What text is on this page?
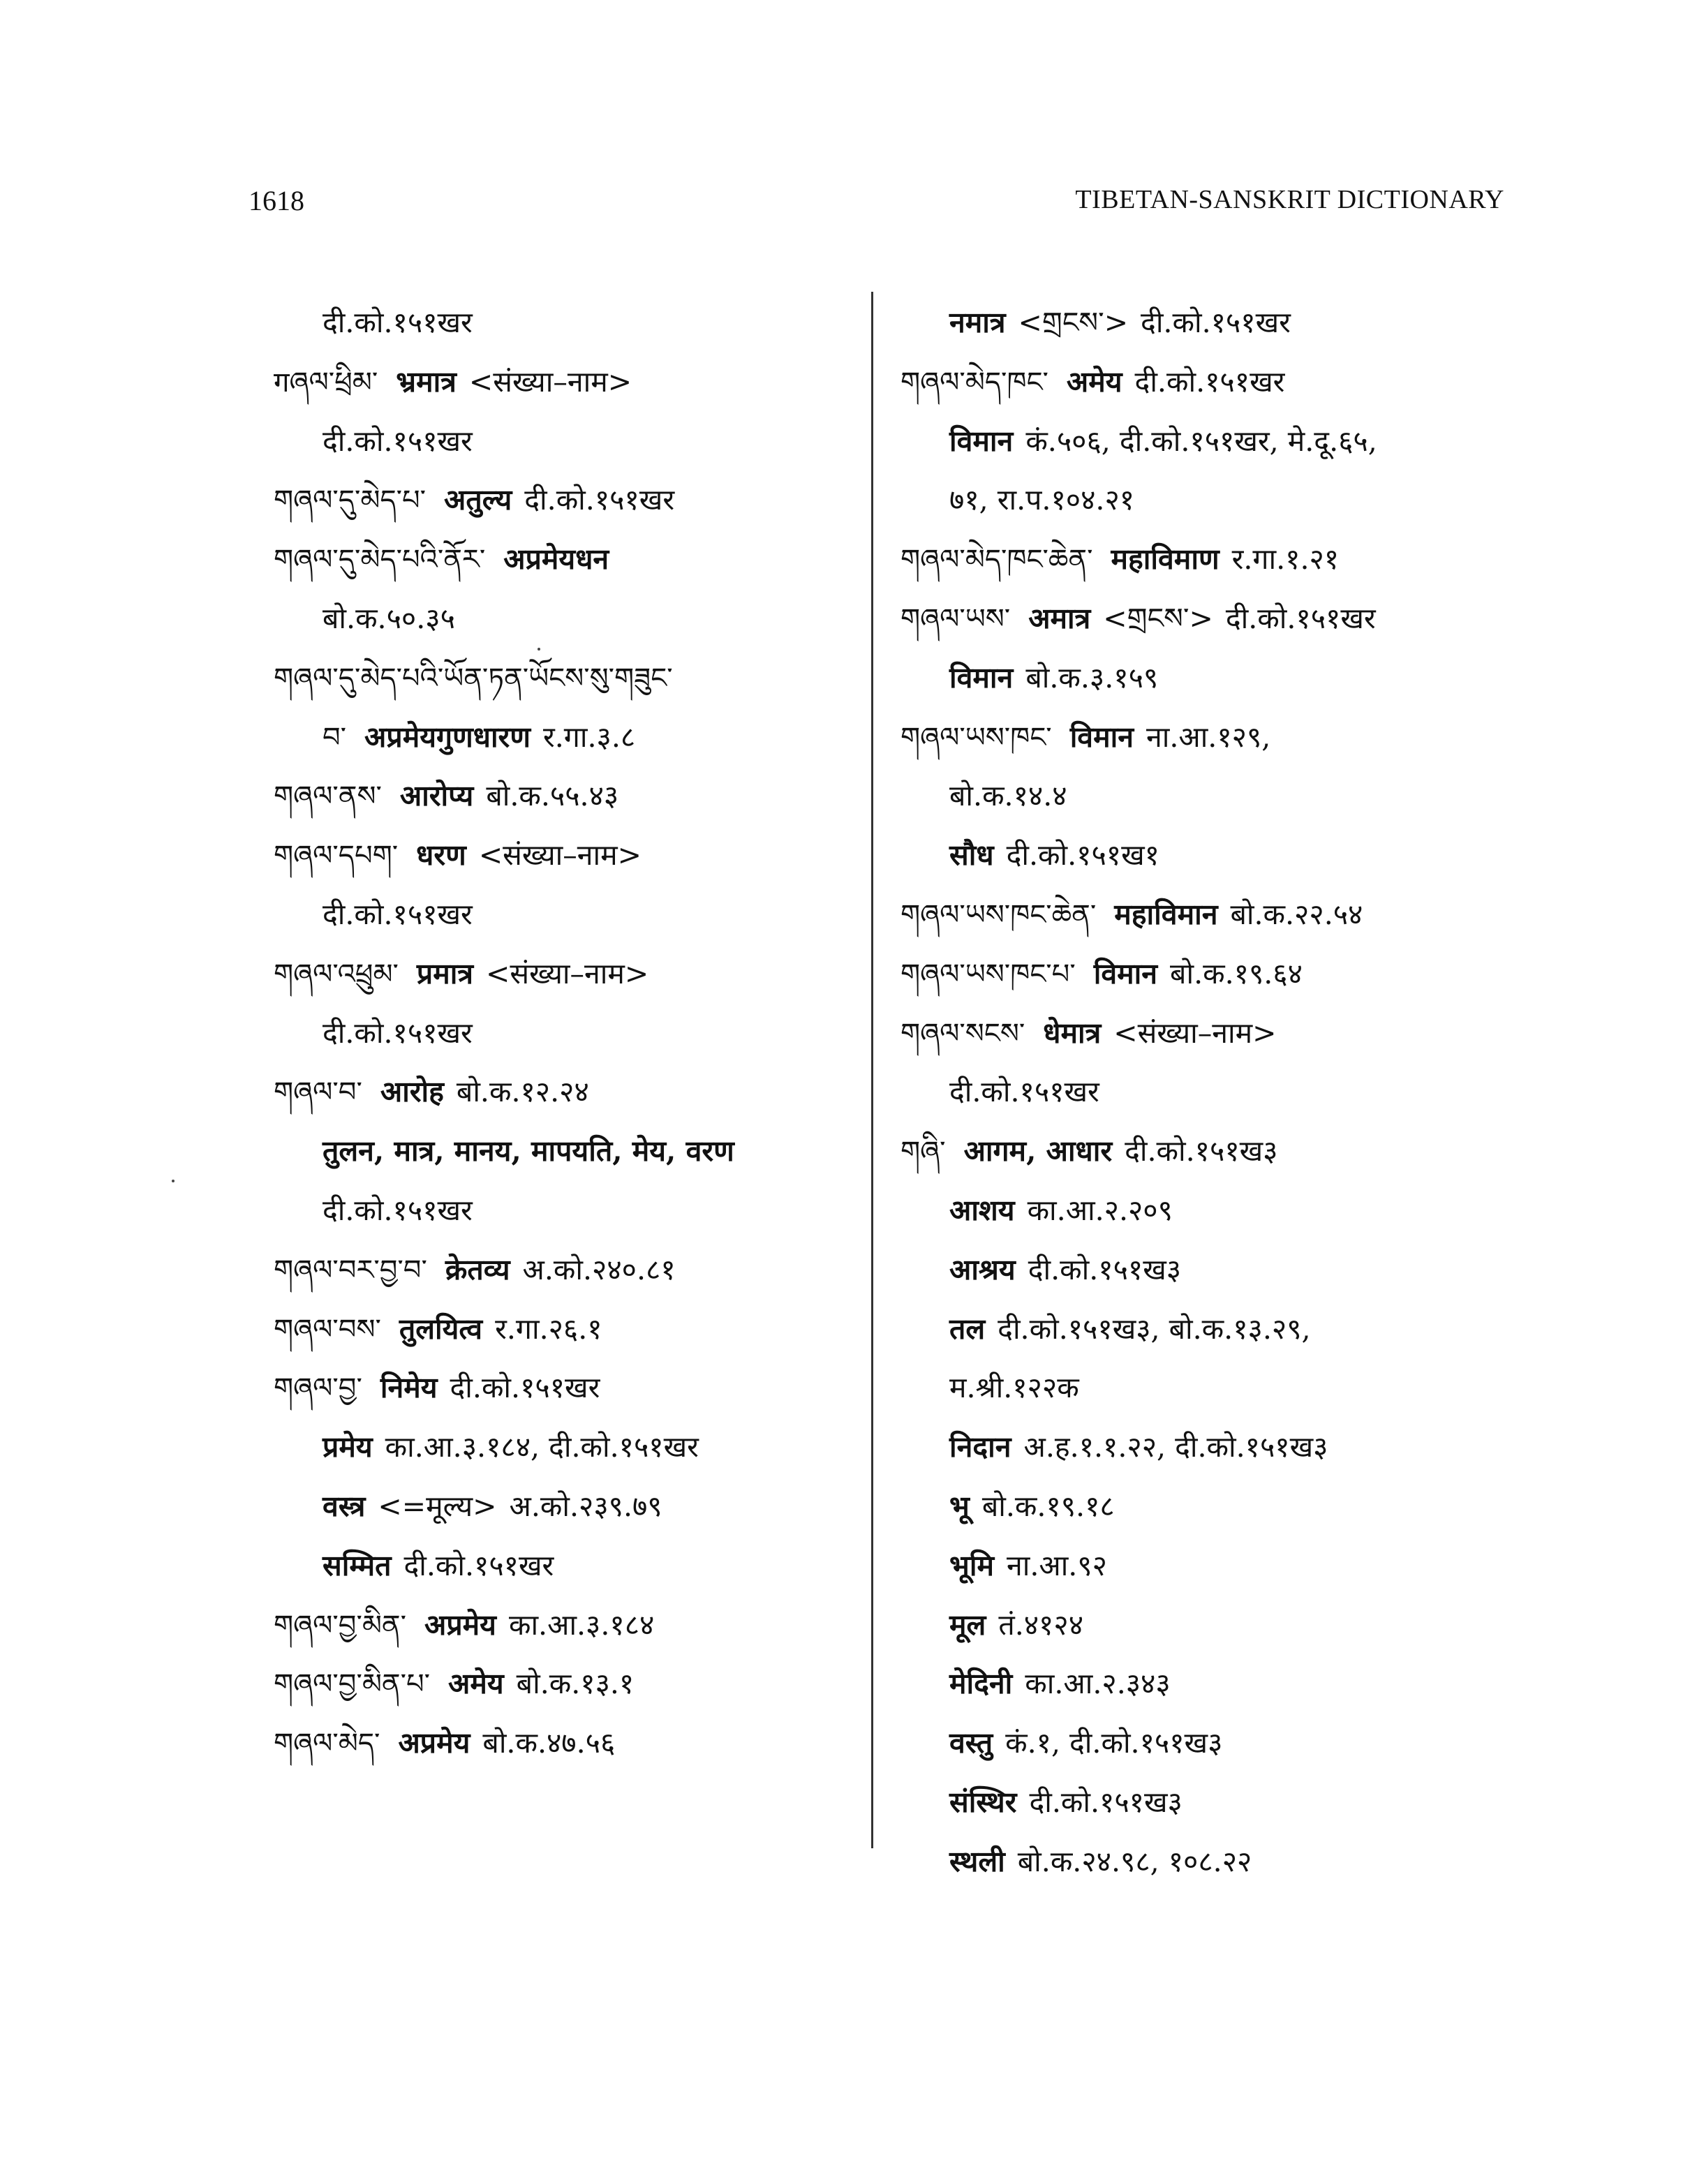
1618	TIBETAN-SANSKRIT DICTIONARY
दी.को.१५१खर
गཞལ་ཕྲིམ་ भ्रमात्र <संख्या–नाम>
दी.को.१५१खर
གཞལ་དུ་མེད་པ་ अतुल्य दी.को.१५१खर
གཞལ་དུ་མེད་པའི་ནོར་ अप्रमेयधन
बो.क.५०.३५
གཞལ་དུ་མེད་པའི་ཡོན་ཏན་ཡོངས་སུ་གཟུང་
བ་ अप्रमेयगुणधारण र.गा.३.८
གཞལ་ནས་ आरोप्य बो.क.५५.४३
གཞལ་དཔག་ धरण <संख्या–नाम>
दी.को.१५१खर
གཞལ་འཕྲུམ་ प्रमात्र <संख्या–नाम>
दी.को.१५१खर
གཞལ་བ་ आरोह बो.क.१२.२४
तुलन, मात्र, मानय, मापयति, मेय, वरण
दी.को.१५१खर
གཞལ་བར་བྱ་བ་ क्रेतव्य अ.को.२४०.८१
གཞལ་བས་ तुलयित्व र.गा.२६.१
གཞལ་བྱ་ निमेय दी.को.१५१खर
प्रमेय का.आ.३.१८४, दी.को.१५१खर
वस्त्र <=मूल्य> अ.को.२३९.७९
सम्मित दी.को.१५१खर
གཞལ་བྱ་མིན་ अप्रमेय का.आ.३.१८४
གཞལ་བྱ་མིན་པ་ अमेय बो.क.१३.१
གཞལ་མེད་ अप्रमेय बो.क.४७.५६
नमात्र <གྲངས་> दी.को.१५१खर
གཞལ་མེད་ཁང་ अमेय दी.को.१५१खर
विमान कं.५०६, दी.को.१५१खर, मे.दू.६५,
७१, रा.प.१०४.२१
གཞལ་མེད་ཁང་ཆེན་ महाविमाण र.गा.१.२१
གཞལ་ཡས་ अमात्र <གྲངས་> दी.को.१५१खर
विमान बो.क.३.१५९
གཞལ་ཡས་ཁང་ विमान ना.आ.१२९,
बो.क.१४.४
सौध दी.को.१५१ख१
གཞལ་ཡས་ཁང་ཆེན་ महाविमान बो.क.२२.५४
གཞལ་ཡས་ཁང་པ་ विमान बो.क.१९.६४
གཞལ་སངས་ धेमात्र <संख्या–नाम>
दी.को.१५१खर
གཞི་ आगम, आधार दी.को.१५१ख३
आशय का.आ.२.२०९
आश्रय दी.को.१५१ख३
तल दी.को.१५१ख३, बो.क.१३.२९,
म.श्री.१२२क
निदान अ.ह.१.१.२२, दी.को.१५१ख३
भू बो.क.१९.१८
भूमि ना.आ.९२
मूल तं.४१२४
मेदिनी का.आ.२.३४३
वस्तु कं.१, दी.को.१५१ख३
संस्थिर दी.को.१५१ख३
स्थली बो.क.२४.९८, १०८.२२
